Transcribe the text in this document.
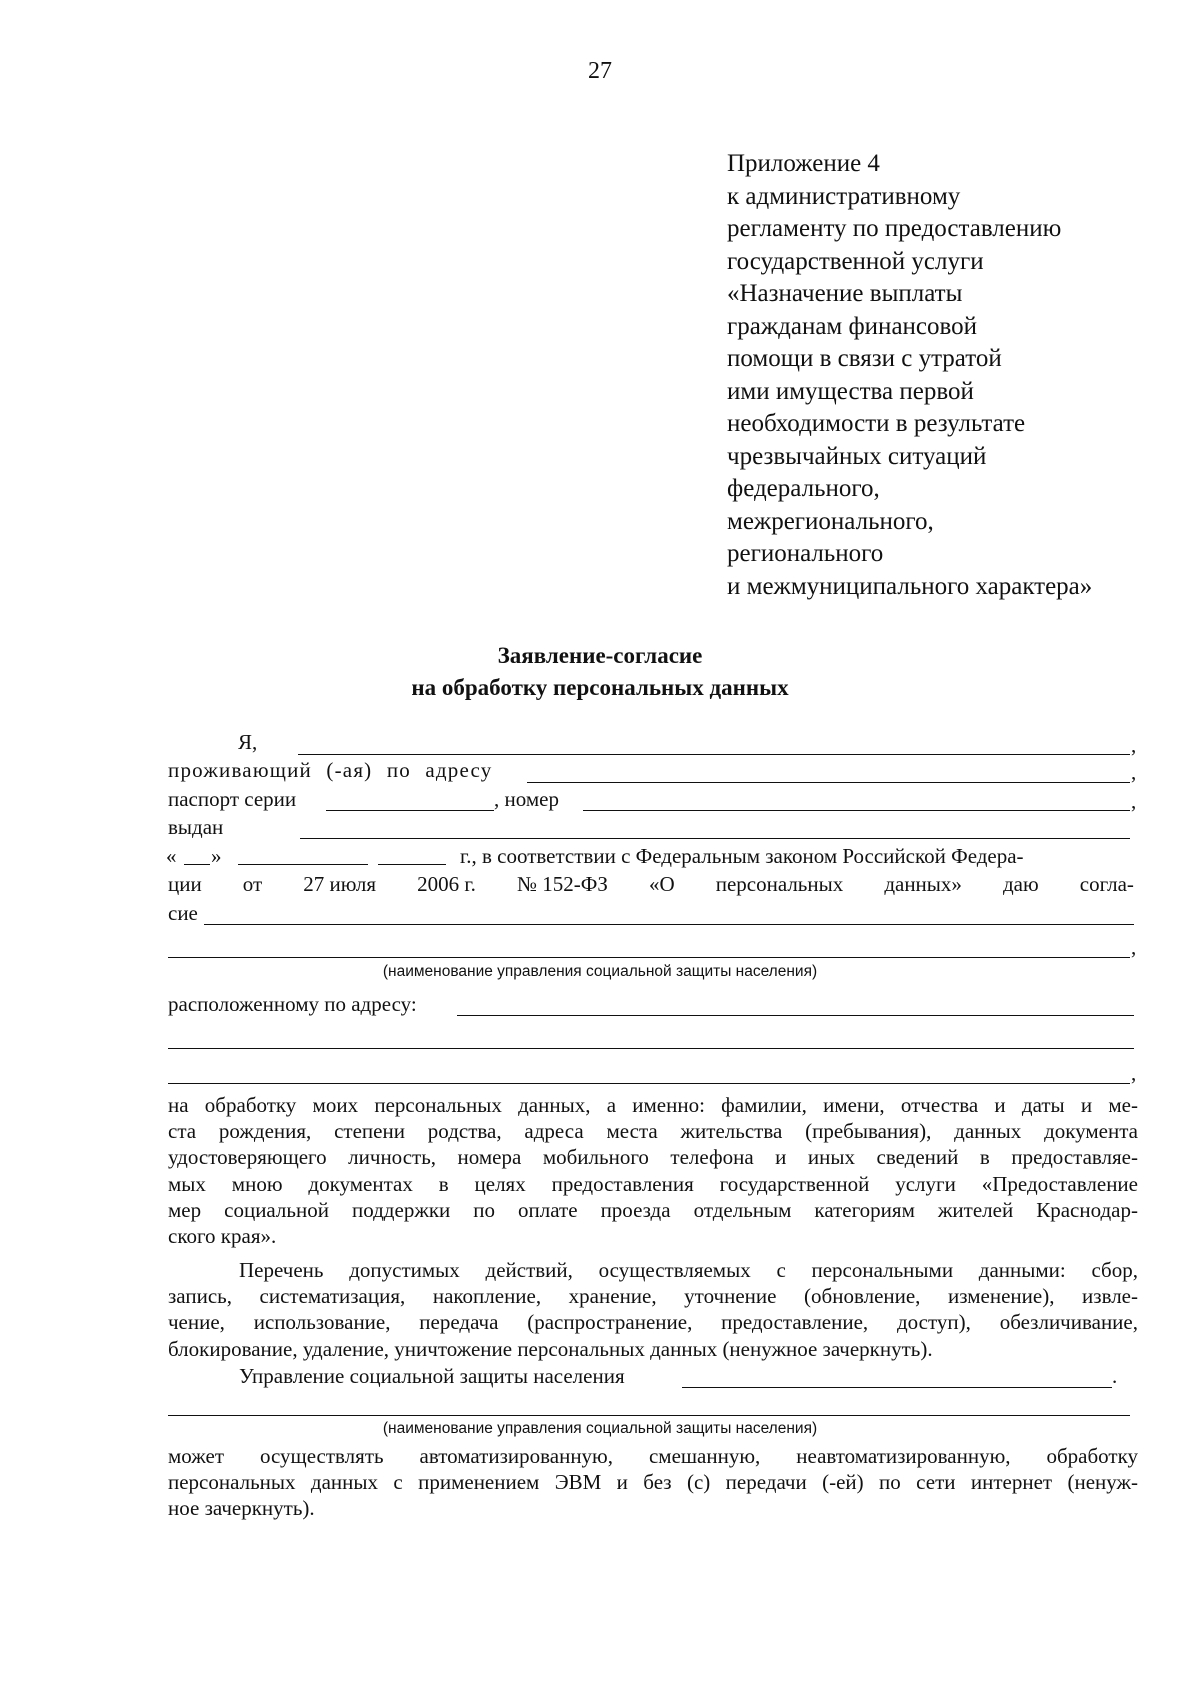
27
Приложение 4
к административному
регламенту по предоставлению
государственной услуги
«Назначение выплаты
гражданам финансовой
помощи в связи с утратой
ими имущества первой
необходимости в результате
чрезвычайных ситуаций
федерального,
межрегионального,
регионального
и межмуниципального характера»
Заявление-согласие
на обработку персональных данных
Я,	,
проживающий (-ая) по адресу	,
паспорт серии	, номер	,
выдан
« »	г., в соответствии с Федеральным законом Российской Федера-
ции от 27 июля 2006 г. № 152-ФЗ «О персональных данных» даю согла-
сие
,
(наименование управления социальной защиты населения)
расположенному по адресу:
,
на обработку моих персональных данных, а именно: фамилии, имени, отчества и даты и ме-
ста рождения, степени родства, адреса места жительства (пребывания), данных документа
удостоверяющего личность, номера мобильного телефона и иных сведений в предоставляе-
мых мною документах в целях предоставления государственной услуги «Предоставление
мер социальной поддержки по оплате проезда отдельным категориям жителей Краснодар-
ского края».
Перечень допустимых действий, осуществляемых с персональными данными: сбор,
запись, систематизация, накопление, хранение, уточнение (обновление, изменение), извле-
чение, использование, передача (распространение, предоставление, доступ), обезличивание,
блокирование, удаление, уничтожение персональных данных (ненужное зачеркнуть).
Управление социальной защиты населения	.
(наименование управления социальной защиты населения)
может осуществлять автоматизированную, смешанную, неавтоматизированную, обработку
персональных данных с применением ЭВМ и без (с) передачи (-ей) по сети интернет (ненуж-
ное зачеркнуть).
